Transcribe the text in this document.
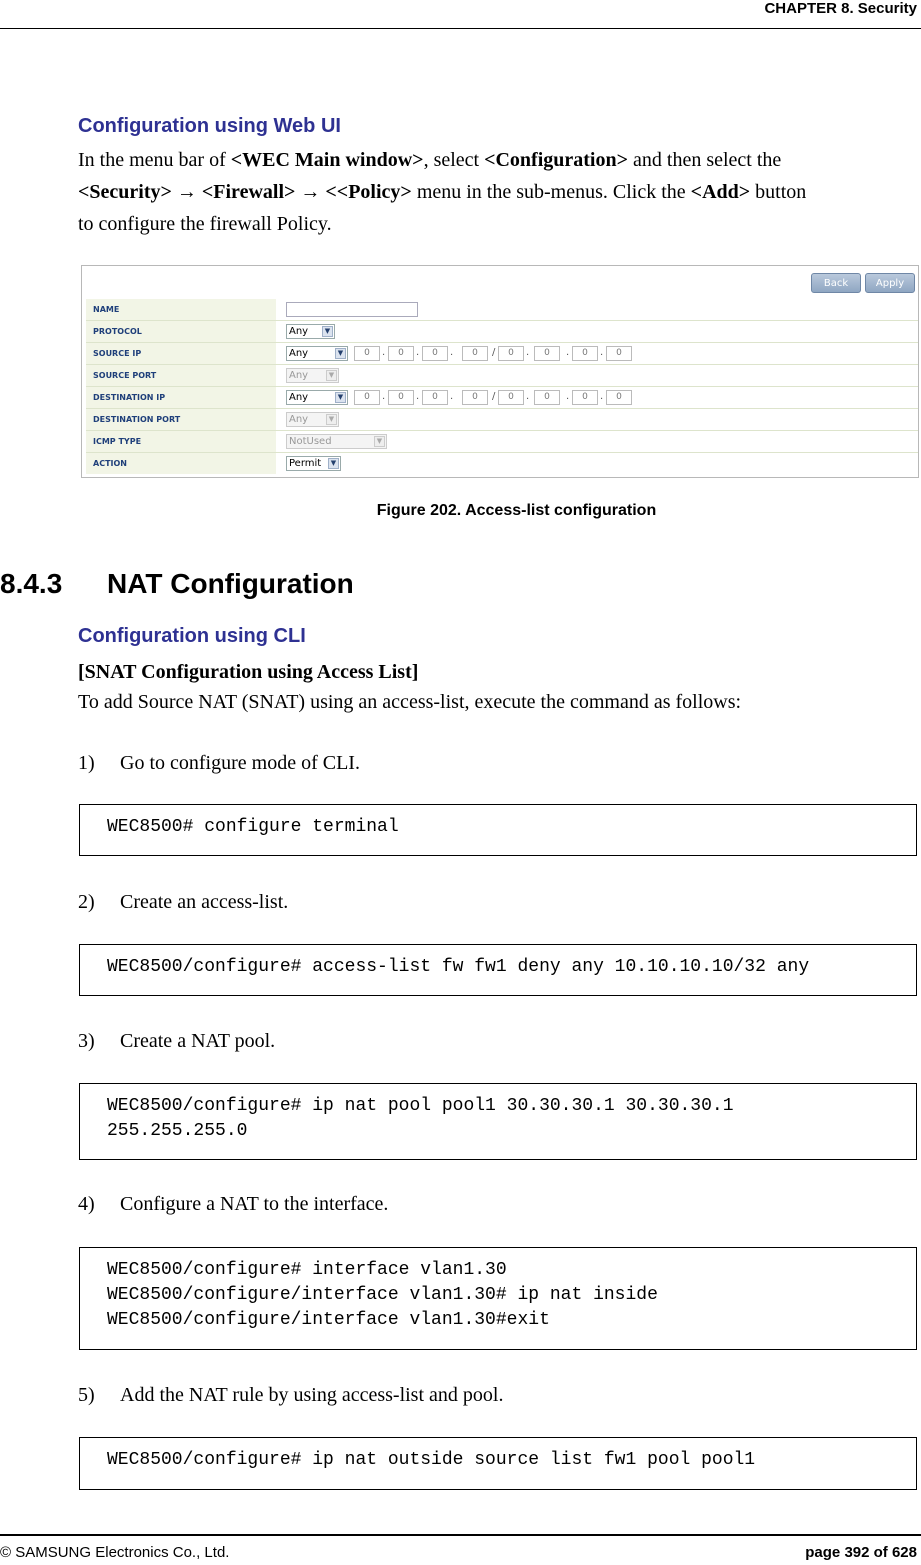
CHAPTER 8. Security
Configuration using Web UI
In the menu bar of <WEC Main window>, select <Configuration> and then select the
<Security> → <Firewall> → <<Policy> menu in the sub-menus. Click the <Add> button
to configure the firewall Policy.
Back	Apply
NAME
PROTOCOL	Any	▼
SOURCE IP	Any	▼	0	.	0	.	0	.	0	/	0	.	0	.	0	.	0
SOURCE PORT	Any	▼
DESTINATION IP	Any	▼	0	.	0	.	0	.	0	/	0	.	0	.	0	.	0
DESTINATION PORT	Any	▼
ICMP TYPE	NotUsed	▼
ACTION	Permit	▼
Figure 202. Access-list configuration
8.4.3 NAT Configuration
Configuration using CLI
[SNAT Configuration using Access List]
To add Source NAT (SNAT) using an access-list, execute the command as follows:
1) Go to configure mode of CLI.
WEC8500# configure terminal
2) Create an access-list.
WEC8500/configure# access-list fw fw1 deny any 10.10.10.10/32 any
3) Create a NAT pool.
WEC8500/configure# ip nat pool pool1 30.30.30.1 30.30.30.1
255.255.255.0
4) Configure a NAT to the interface.
WEC8500/configure# interface vlan1.30
WEC8500/configure/interface vlan1.30# ip nat inside
WEC8500/configure/interface vlan1.30#exit
5) Add the NAT rule by using access-list and pool.
WEC8500/configure# ip nat outside source list fw1 pool pool1
© SAMSUNG Electronics Co., Ltd.	page 392 of 628
